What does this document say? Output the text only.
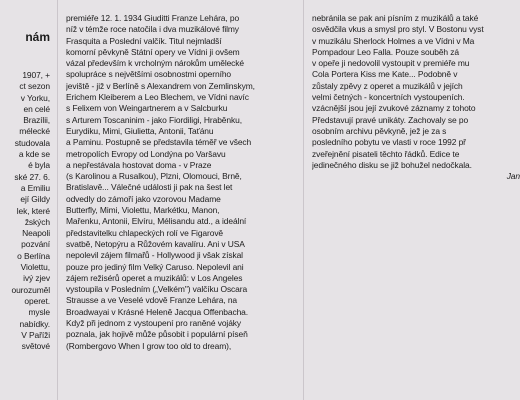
nám
1907, +
ct sezon
v Yorku,
en celé
Brazílii,
mélecké
studovala
a kde se
é byla
ské 27. 6.
a Emiliu
ejí Gildy
lek, které
žských
Neapoli
pozvání
o Berlína
Violettu,
ivý zjev
ourozuměl
operet.
mysle
nabídky.
V Paříži
světové
premiéře 12. 1. 1934 Giuditti Franze Lehára, po
níž v témže roce natočila i dva muzikálové filmy
Frasquita a Poslední valčík. Titul nejmladší
komorní pěvkyně Státní opery ve Vídni ji ovšem
vázal především k vrcholným nárokům umělecké
spolupráce s největšími osobnostmi operního
jeviště - již v Berlíně s Alexandrem von Zemlinskym,
Erichem Kleiberem a Leo Blechem, ve Vídni navíc
s Felixem von Weingartnerem a v Salcburku
s Arturem Toscaninim - jako Fiordiligi, Hraběnku,
Eurydiku, Mimi, Giulietta, Antonii, Taťánu
a Paminu. Postupně se představila téměř ve všech
metropolích Evropy od Londýna po Varšavu
a nepřestávala hostovat doma - v Praze
(s Karolinou a Rusalkou), Plzni, Olomouci, Brně,
Bratislavě... Válečné události ji pak na šest let
odvedly do zámoří jako vzorovou Madame
Butterfly, Mimi, Violettu, Markétku, Manon,
Mařenku, Antonii, Elvíru, Mélisandu atd., a ideální
představitelku chlapeckých rolí ve Figarově
svatbě, Netopýru a Růžovém kavalíru. Ani v USA
nepolevil zájem filmařů - Hollywood ji však získal
pouze pro jediný film Velký Caruso. Nepolevil ani
zájem režisérů operet a muzikálů: v Los Angeles
vystoupila v Posledním („Velkém") valčíku Oscara
Strausse a ve Veselé vdově Franze Lehára, na
Broadwayai v Krásné Heleně Jacqua Offenbacha.
Když při jednom z vystoupení pro raněné vojáky
poznala, jak hojivě může působit i populární píseň
(Rombergovo When I grow too old to dream),
nebránila se pak ani písním z muzikálů a také
osvědčila vkus a smysl pro styl. V Bostonu vyst
v muzikálu Sherlock Holmes a ve Vídni v Ma
Pompadour Leo Falla. Pouze souběh zá
v opeře ji nedovolil vystoupit v premiéře mu
Cola Portera Kiss me Kate... Podobně v
zůstaly zpěvy z operet a muzikálů v jejích
velmi četných - koncertních vystoupeních.
vzácnější jsou její zvukové záznamy z tohoto
Představují pravé unikáty. Zachovaly se po
osobním archivu pěvkyně, jež je za s
posledního pobytu ve vlasti v roce 1992 př
zveřejnění pisateli těchto řádků. Edice te
jedinečného disku se již bohužel nedočkala.
Jan
